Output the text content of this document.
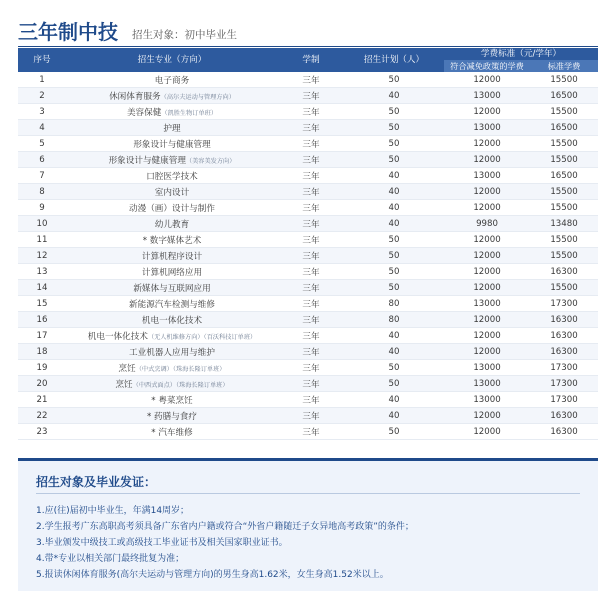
三年制中技 招生对象：初中毕业生
序号	招生专业（方向）	学制	招生计划（人）	学费标准（元/学年）	
				符合减免政策的学费	标准学费
1	电子商务	三年	50	12000	15500
2	休闲体育服务（高尔夫运动与管理方向）	三年	40	13000	16500
3	美容保健（凯胜生物订单班）	三年	50	12000	15500
4	护理	三年	50	13000	16500
5	形象设计与健康管理	三年	50	12000	15500
6	形象设计与健康管理（美容美发方向）	三年	50	12000	15500
7	口腔医学技术	三年	40	13000	16500
8	室内设计	三年	40	12000	15500
9	动漫（画）设计与制作	三年	40	12000	15500
10	幼儿教育	三年	40	9980	13480
11	* 数字媒体艺术	三年	50	12000	15500
12	计算机程序设计	三年	50	12000	15500
13	计算机网络应用	三年	50	12000	16300
14	新媒体与互联网应用	三年	50	12000	15500
15	新能源汽车检测与维修	三年	80	13000	17300
16	机电一体化技术	三年	80	12000	16300
17	机电一体化技术（无人机维修方向）（百沃科技订单班）	三年	40	12000	16300
18	工业机器人应用与维护	三年	40	12000	16300
19	烹饪（中式烹调）（珠海长隆订单班）	三年	50	13000	17300
20	烹饪（中西式面点）（珠海长隆订单班）	三年	50	13000	17300
21	* 粤菜烹饪	三年	40	13000	17300
22	* 药膳与食疗	三年	40	12000	16300
23	* 汽车维修	三年	50	12000	16300
招生对象及毕业发证：
1.应(往)届初中毕业生，年满14周岁；
2.学生报考广东高职高考须具备广东省内户籍或符合“外省户籍随迁子女异地高考政策”的条件；
3.毕业颁发中级技工或高级技工毕业证书及相关国家职业证书。
4.带*专业以相关部门最终批复为准；
5.报读休闲体育服务(高尔夫运动与管理方向)的男生身高1.62米，女生身高1.52米以上。
